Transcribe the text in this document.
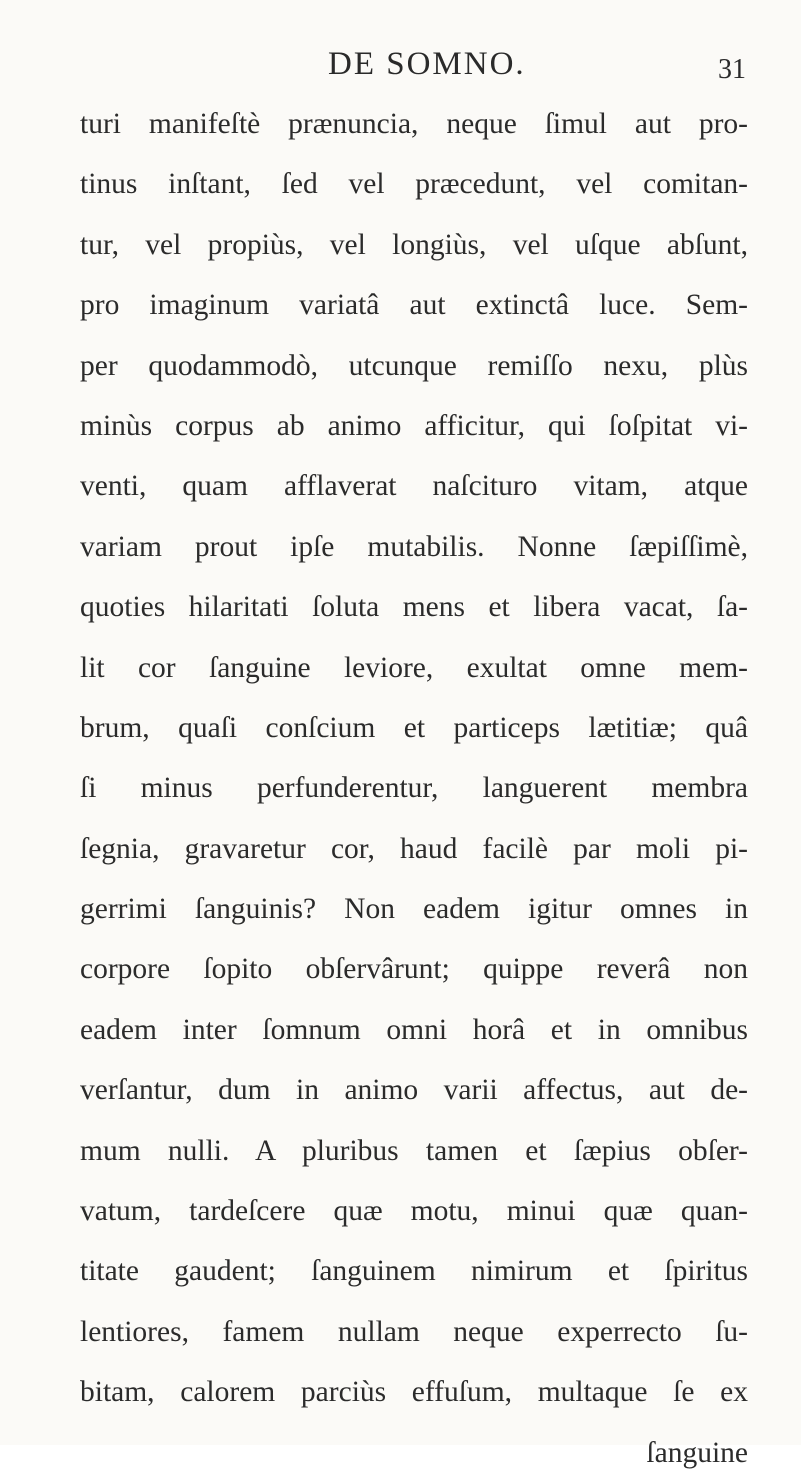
DE SOMNO.	31
turi manifeſtè prænuncia, neque ſimul aut pro-
tinus inſtant, ſed vel præcedunt, vel comitan-
tur, vel propiùs, vel longiùs, vel uſque abſunt,
pro imaginum variatâ aut extinctâ luce. Sem-
per quodammodò, utcunque remiſſo nexu, plùs
minùs corpus ab animo afficitur, qui ſoſpitat vi-
venti, quam afflaverat naſcituro vitam, atque
variam prout ipſe mutabilis. Nonne ſæpiſſimè,
quoties hilaritati ſoluta mens et libera vacat, ſa-
lit cor ſanguine leviore, exultat omne mem-
brum, quaſi conſcium et particeps lætitiæ; quâ
ſi minus perfunderentur, languerent membra
ſegnia, gravaretur cor, haud facilè par moli pi-
gerrimi ſanguinis? Non eadem igitur omnes in
corpore ſopito obſervârunt; quippe reverâ non
eadem inter ſomnum omni horâ et in omnibus
verſantur, dum in animo varii affectus, aut de-
mum nulli. A pluribus tamen et ſæpius obſer-
vatum, tardeſcere quæ motu, minui quæ quan-
titate gaudent; ſanguinem nimirum et ſpiritus
lentiores, famem nullam neque experrecto ſu-
bitam, calorem parciùs effuſum, multaque ſe ex
ſanguine
